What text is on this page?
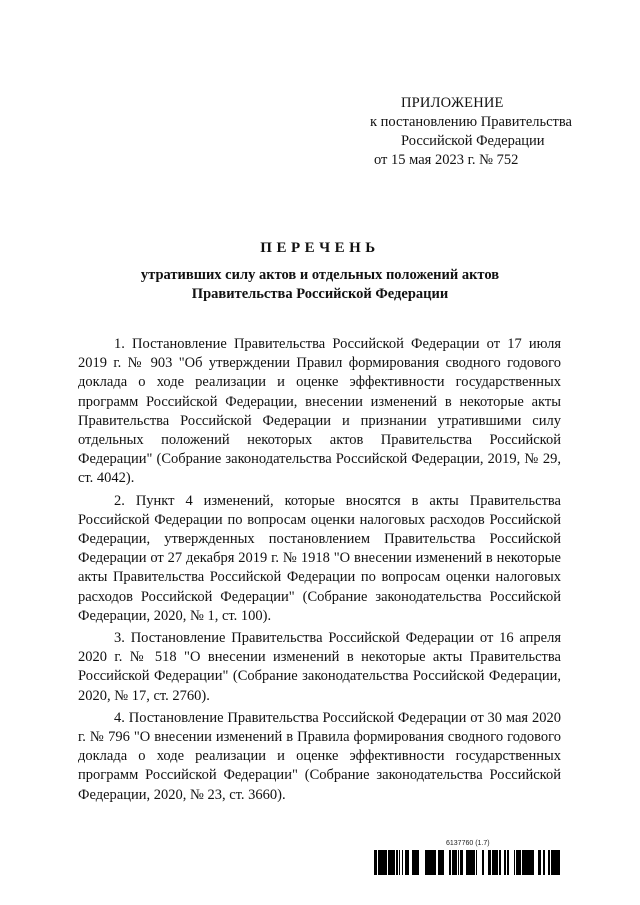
ПРИЛОЖЕНИЕ
к постановлению Правительства
Российской Федерации
от 15 мая 2023 г. № 752
ПЕРЕЧЕНЬ
утративших силу актов и отдельных положений актов
Правительства Российской Федерации

1. Постановление Правительства Российской Федерации от 17 июля 2019 г. № 903 "Об утверждении Правил формирования сводного годового доклада о ходе реализации и оценке эффективности государственных программ Российской Федерации, внесении изменений в некоторые акты Правительства Российской Федерации и признании утратившими силу отдельных положений некоторых актов Правительства Российской Федерации" (Собрание законодательства Российской Федерации, 2019, № 29, ст. 4042).

2. Пункт 4 изменений, которые вносятся в акты Правительства Российской Федерации по вопросам оценки налоговых расходов Российской Федерации, утвержденных постановлением Правительства Российской Федерации от 27 декабря 2019 г. № 1918 "О внесении изменений в некоторые акты Правительства Российской Федерации по вопросам оценки налоговых расходов Российской Федерации" (Собрание законодательства Российской Федерации, 2020, № 1, ст. 100).

3. Постановление Правительства Российской Федерации от 16 апреля 2020 г. № 518 "О внесении изменений в некоторые акты Правительства Российской Федерации" (Собрание законодательства Российской Федерации, 2020, № 17, ст. 2760).

4. Постановление Правительства Российской Федерации от 30 мая 2020 г. № 796 "О внесении изменений в Правила формирования сводного годового доклада о ходе реализации и оценке эффективности государственных программ Российской Федерации" (Собрание законодательства Российской Федерации, 2020, № 23, ст. 3660).

6137760 (1.7)
